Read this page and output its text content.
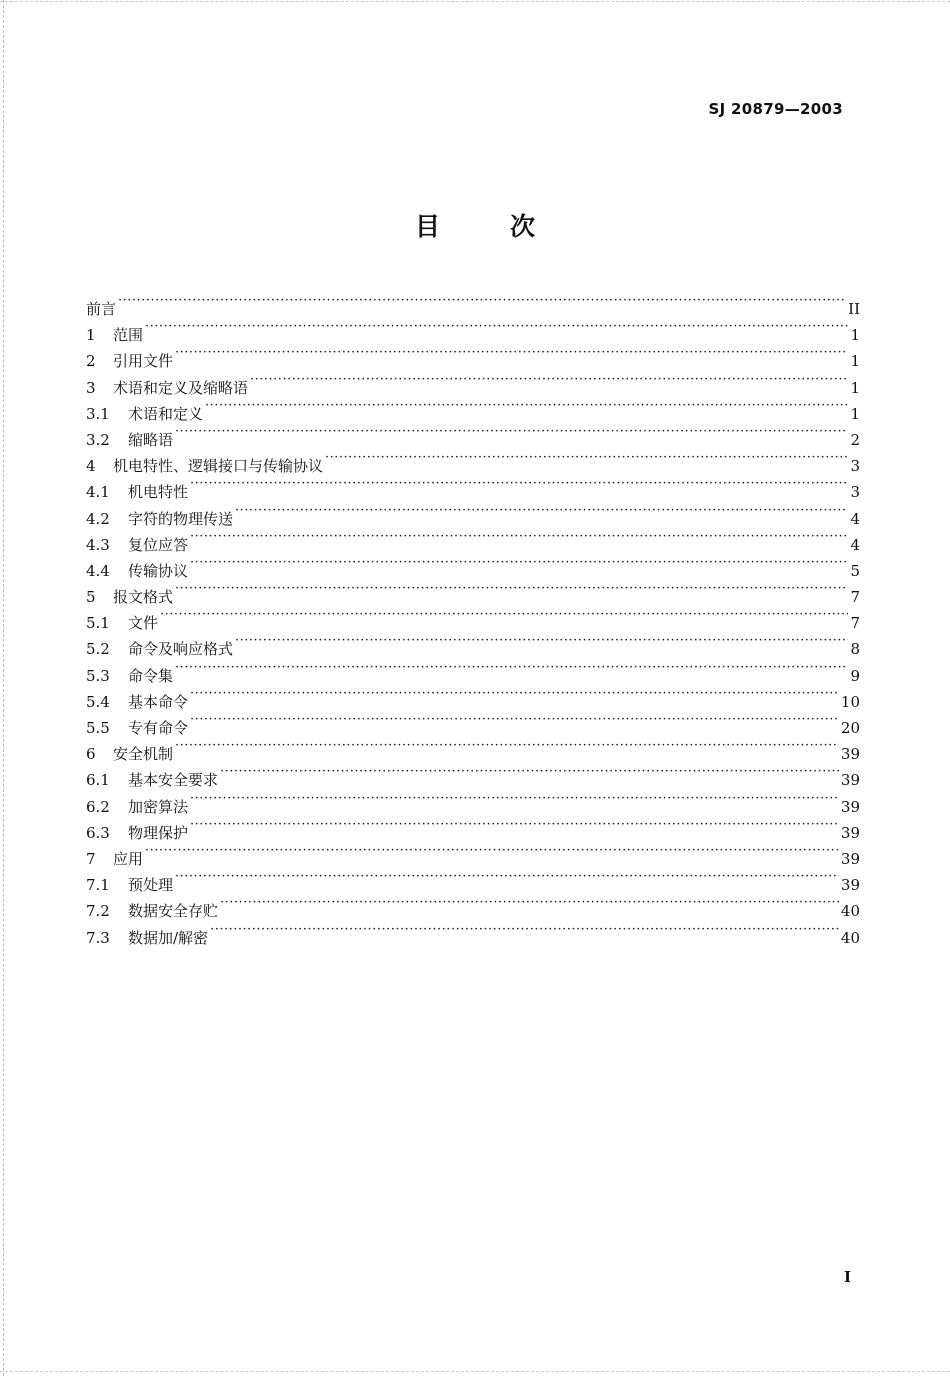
SJ 20879—2003
目	次
前言 ·····	II
1	范围 ·····	1
2	引用文件 ·····	1
3	术语和定义及缩略语 ·····	1
3.1	术语和定义 ·····	1
3.2	缩略语 ·····	2
4	机电特性、逻辑接口与传输协议 ·····	3
4.1	机电特性 ·····	3
4.2	字符的物理传送 ·····	4
4.3	复位应答 ·····	4
4.4	传输协议 ·····	5
5	报文格式 ·····	7
5.1	文件 ·····	7
5.2	命令及响应格式 ·····	8
5.3	命令集 ·····	9
5.4	基本命令 ·····	10
5.5	专有命令 ·····	20
6	安全机制 ·····	39
6.1	基本安全要求 ·····	39
6.2	加密算法 ·····	39
6.3	物理保护 ·····	39
7	应用 ·····	39
7.1	预处理 ·····	39
7.2	数据安全存贮 ·····	40
7.3	数据加/解密 ·····	40
I
